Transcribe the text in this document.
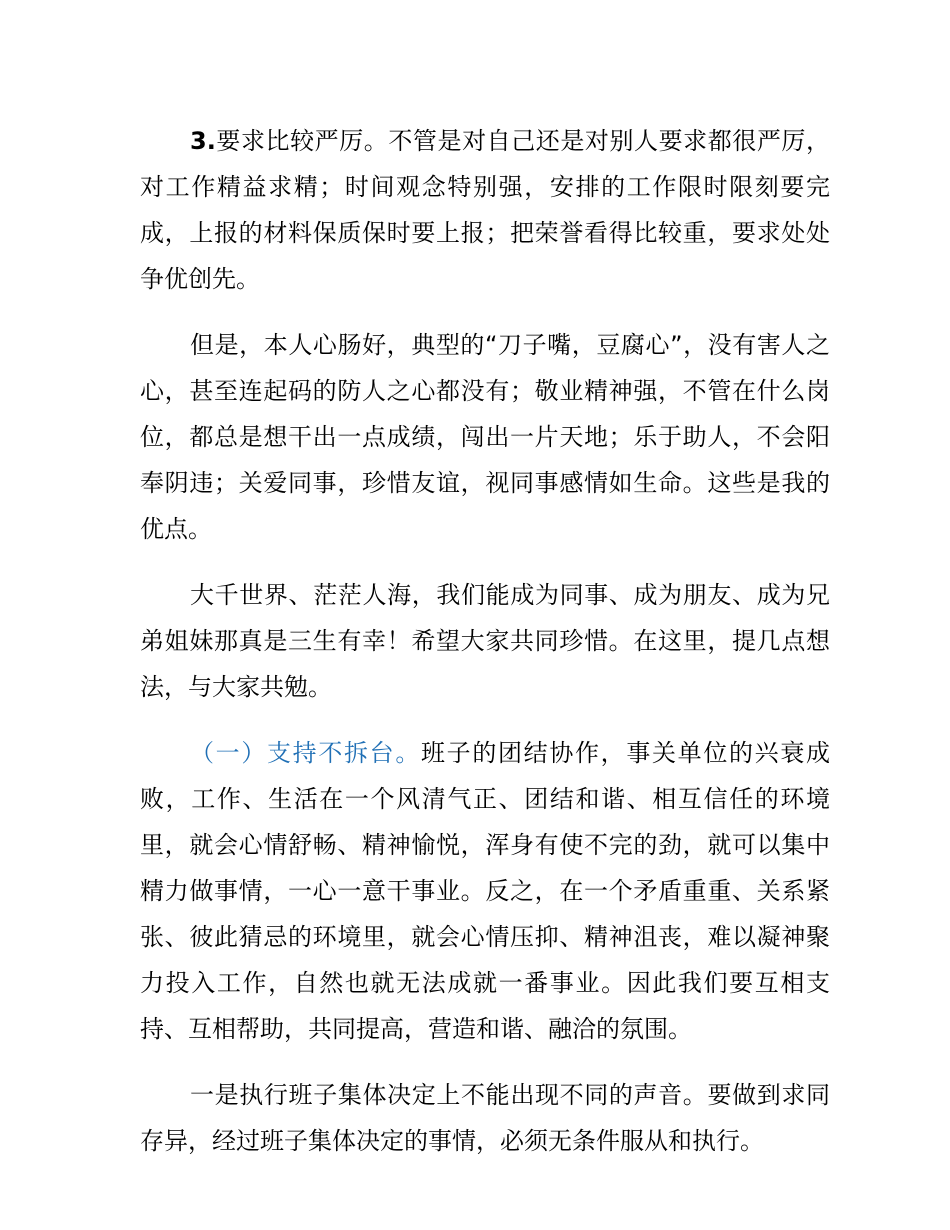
3.要求比较严厉。不管是对自己还是对别人要求都很严厉，对工作精益求精；时间观念特别强，安排的工作限时限刻要完成，上报的材料保质保时要上报；把荣誉看得比较重，要求处处争优创先。

但是，本人心肠好，典型的“刀子嘴，豆腐心”，没有害人之心，甚至连起码的防人之心都没有；敬业精神强，不管在什么岗位，都总是想干出一点成绩，闯出一片天地；乐于助人，不会阳奉阴违；关爱同事，珍惜友谊，视同事感情如生命。这些是我的优点。

大千世界、茫茫人海，我们能成为同事、成为朋友、成为兄弟姐妹那真是三生有幸！希望大家共同珍惜。在这里，提几点想法，与大家共勉。

（一）支持不拆台。班子的团结协作，事关单位的兴衰成败，工作、生活在一个风清气正、团结和谐、相互信任的环境里，就会心情舒畅、精神愉悦，浑身有使不完的劲，就可以集中精力做事情，一心一意干事业。反之，在一个矛盾重重、关系紧张、彼此猜忌的环境里，就会心情压抑、精神沮丧，难以凝神聚力投入工作，自然也就无法成就一番事业。因此我们要互相支持、互相帮助，共同提高，营造和谐、融洽的氛围。

一是执行班子集体决定上不能出现不同的声音。要做到求同存异，经过班子集体决定的事情，必须无条件服从和执行。
